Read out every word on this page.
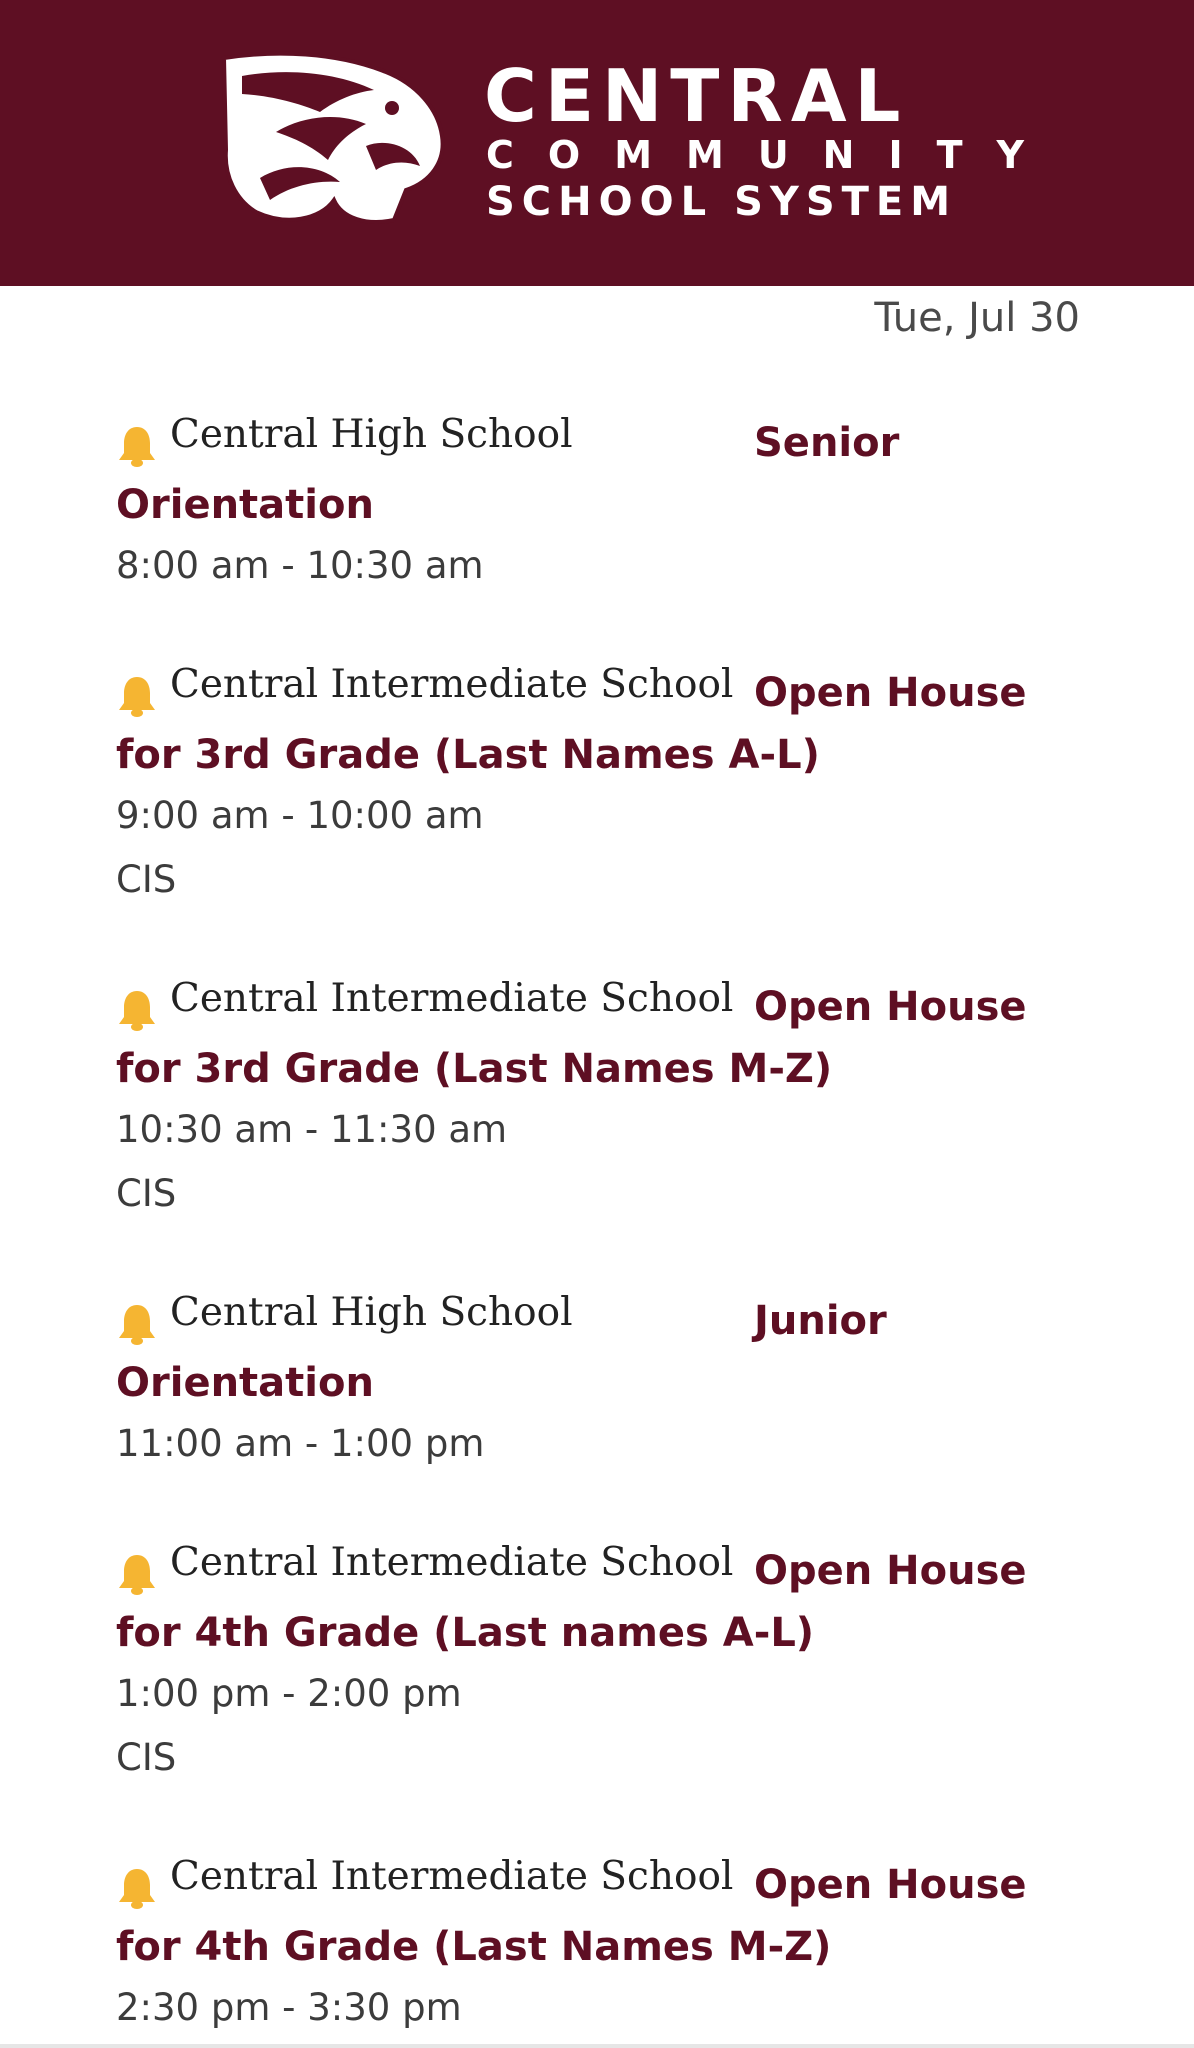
CENTRAL
COMMUNITY
SCHOOL SYSTEM
Tue, Jul 30
Central High School	Senior
Orientation
8:00 am - 10:30 am
Central Intermediate School Open House
for 3rd Grade (Last Names A-L)
9:00 am - 10:00 am
CIS
Central Intermediate School Open House
for 3rd Grade (Last Names M-Z)
10:30 am - 11:30 am
CIS
Central High School	Junior
Orientation
11:00 am - 1:00 pm
Central Intermediate School Open House
for 4th Grade (Last names A-L)
1:00 pm - 2:00 pm
CIS
Central Intermediate School Open House
for 4th Grade (Last Names M-Z)
2:30 pm - 3:30 pm
